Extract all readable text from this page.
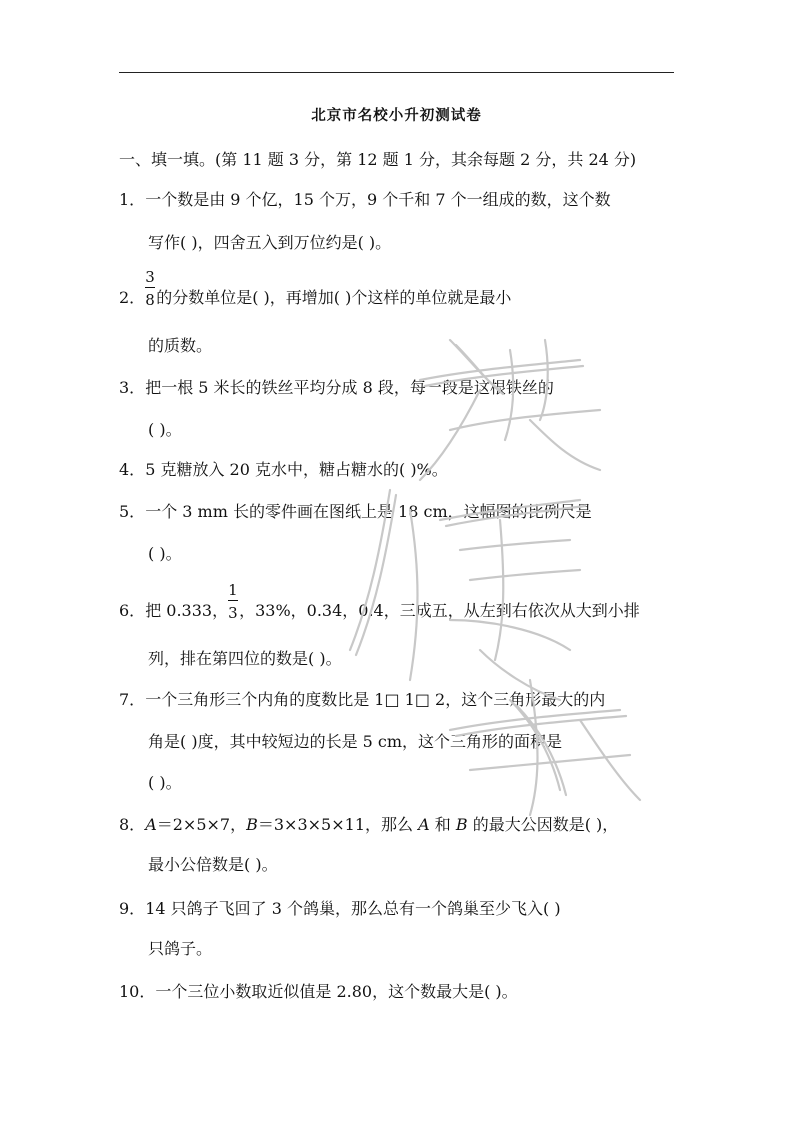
北京市名校小升初测试卷
一、填一填。(第 11 题 3 分，第 12 题 1 分，其余每题 2 分，共 24 分)
1．一个数是由 9 个亿，15 个万，9 个千和 7 个一组成的数，这个数
写作( )，四舍五入到万位约是( )。
2． $\frac{3}{8}$ 的分数单位是( )，再增加( )个这样的单位就是最小
的质数。
3．把一根 5 米长的铁丝平均分成 8 段，每一段是这根铁丝的
( )。
4．5 克糖放入 20 克水中，糖占糖水的( )%。
5．一个 3 mm 长的零件画在图纸上是 18 cm，这幅图的比例尺是
( )。
6．把 0.333， $\frac{1}{3}$ ，33%，0.34，0.4，三成五，从左到右依次从大到小排
列，排在第四位的数是( )。
7．一个三角形三个内角的度数比是 1□ 1□ 2，这个三角形最大的内
角是( )度，其中较短边的长是 5 cm，这个三角形的面积是
( )。
8．A＝2×5×7，B＝3×3×5×11，那么 A 和 B 的最大公因数是( )，
最小公倍数是( )。
9．14 只鸽子飞回了 3 个鸽巢，那么总有一个鸽巢至少飞入( )
只鸽子。
10．一个三位小数取近似值是 2.80，这个数最大是( )。
